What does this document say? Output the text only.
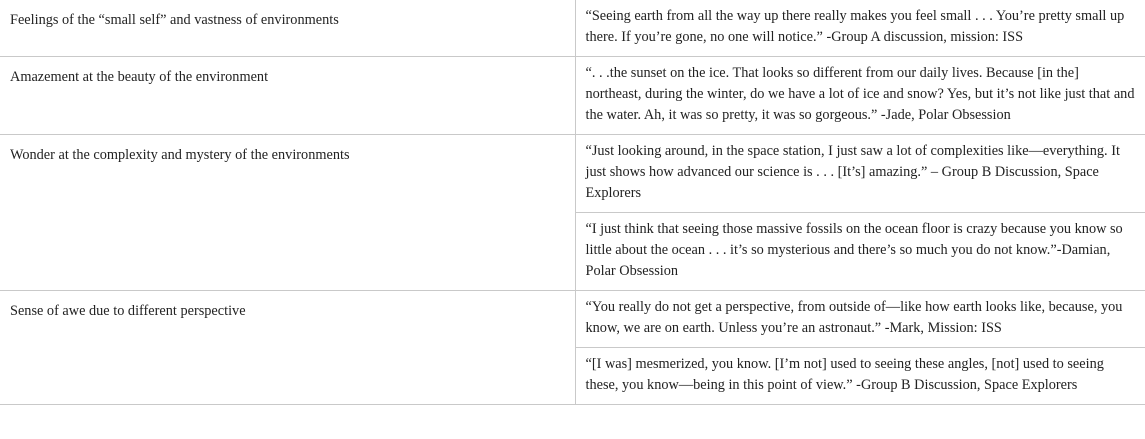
Feelings of the “small self” and vastness of environments	“Seeing earth from all the way up there really makes you feel small . . . You’re pretty small up there. If you’re gone, no one will notice.” -Group A discussion, mission: ISS

Amazement at the beauty of the environment	“. . .the sunset on the ice. That looks so different from our daily lives. Because [in the] northeast, during the winter, do we have a lot of ice and snow? Yes, but it’s not like just that and the water. Ah, it was so pretty, it was so gorgeous.” -Jade, Polar Obsession

Wonder at the complexity and mystery of the environments	“Just looking around, in the space station, I just saw a lot of complexities like—everything. It just shows how advanced our science is . . . [It’s] amazing.” – Group B Discussion, Space Explorers

	“I just think that seeing those massive fossils on the ocean floor is crazy because you know so little about the ocean . . . it’s so mysterious and there’s so much you do not know.”-Damian, Polar Obsession

Sense of awe due to different perspective	“You really do not get a perspective, from outside of—like how earth looks like, because, you know, we are on earth. Unless you’re an astronaut.” -Mark, Mission: ISS

	“[I was] mesmerized, you know. [I’m not] used to seeing these angles, [not] used to seeing these, you know—being in this point of view.” -Group B Discussion, Space Explorers
